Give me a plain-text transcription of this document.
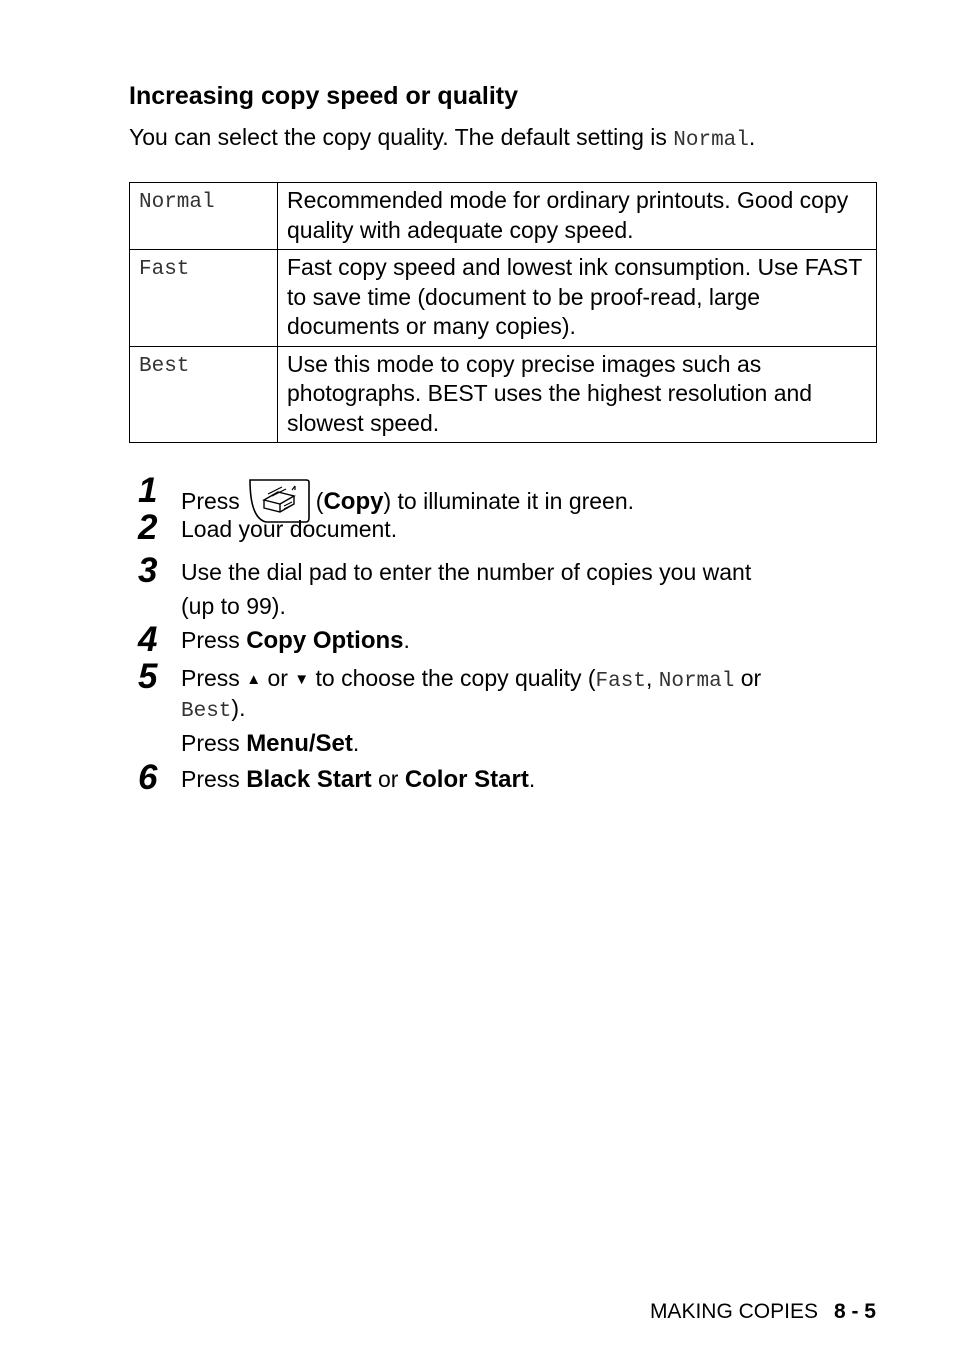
Increasing copy speed or quality

You can select the copy quality. The default setting is Normal.

Normal	Recommended mode for ordinary printouts. Good copy quality with adequate copy speed.
Fast	Fast copy speed and lowest ink consumption. Use FAST to save time (document to be proof-read, large documents or many copies).
Best	Use this mode to copy precise images such as photographs. BEST uses the highest resolution and slowest speed.
1 Press	(Copy) to illuminate it in green.
2 Load your document.
3 Use the dial pad to enter the number of copies you want
(up to 99).
4 Press Copy Options.
5 Press ▲ or ▼ to choose the copy quality (Fast, Normal or
Best).
Press Menu/Set.
6 Press Black Start or Color Start.
MAKING COPIES 8 - 5
